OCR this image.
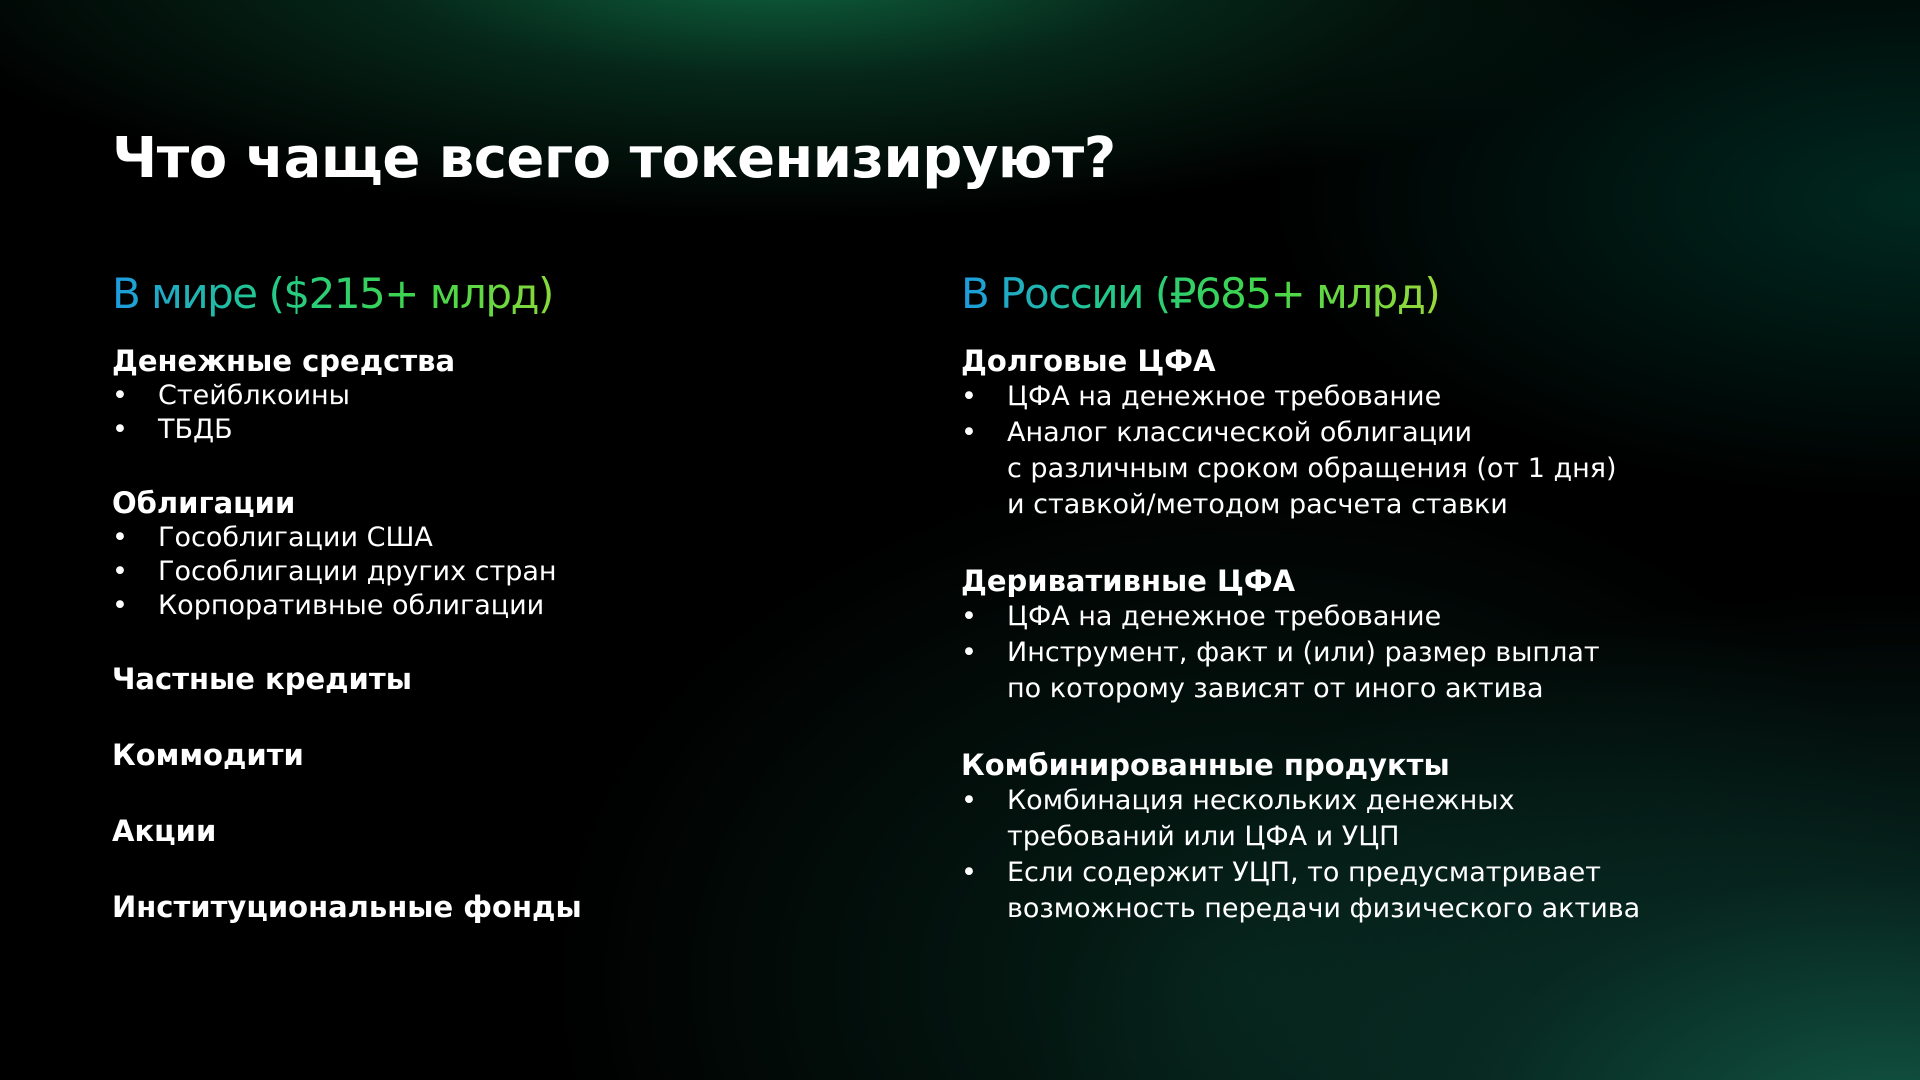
Что чаще всего токенизируют?
В мире ($215+ млрд)
Денежные средства
• Стейблкоины
• ТБДБ
Облигации
• Гособлигации США
• Гособлигации других стран
• Корпоративные облигации
Частные кредиты
Коммодити
Акции
Институциональные фонды
В России (₽685+ млрд)
Долговые ЦФА
• ЦФА на денежное требование
• Аналог классической облигации
с различным сроком обращения (от 1 дня)
и ставкой/методом расчета ставки
Деривативные ЦФА
• ЦФА на денежное требование
• Инструмент, факт и (или) размер выплат
по которому зависят от иного актива
Комбинированные продукты
• Комбинация нескольких денежных
требований или ЦФА и УЦП
• Если содержит УЦП, то предусматривает
возможность передачи физического актива
